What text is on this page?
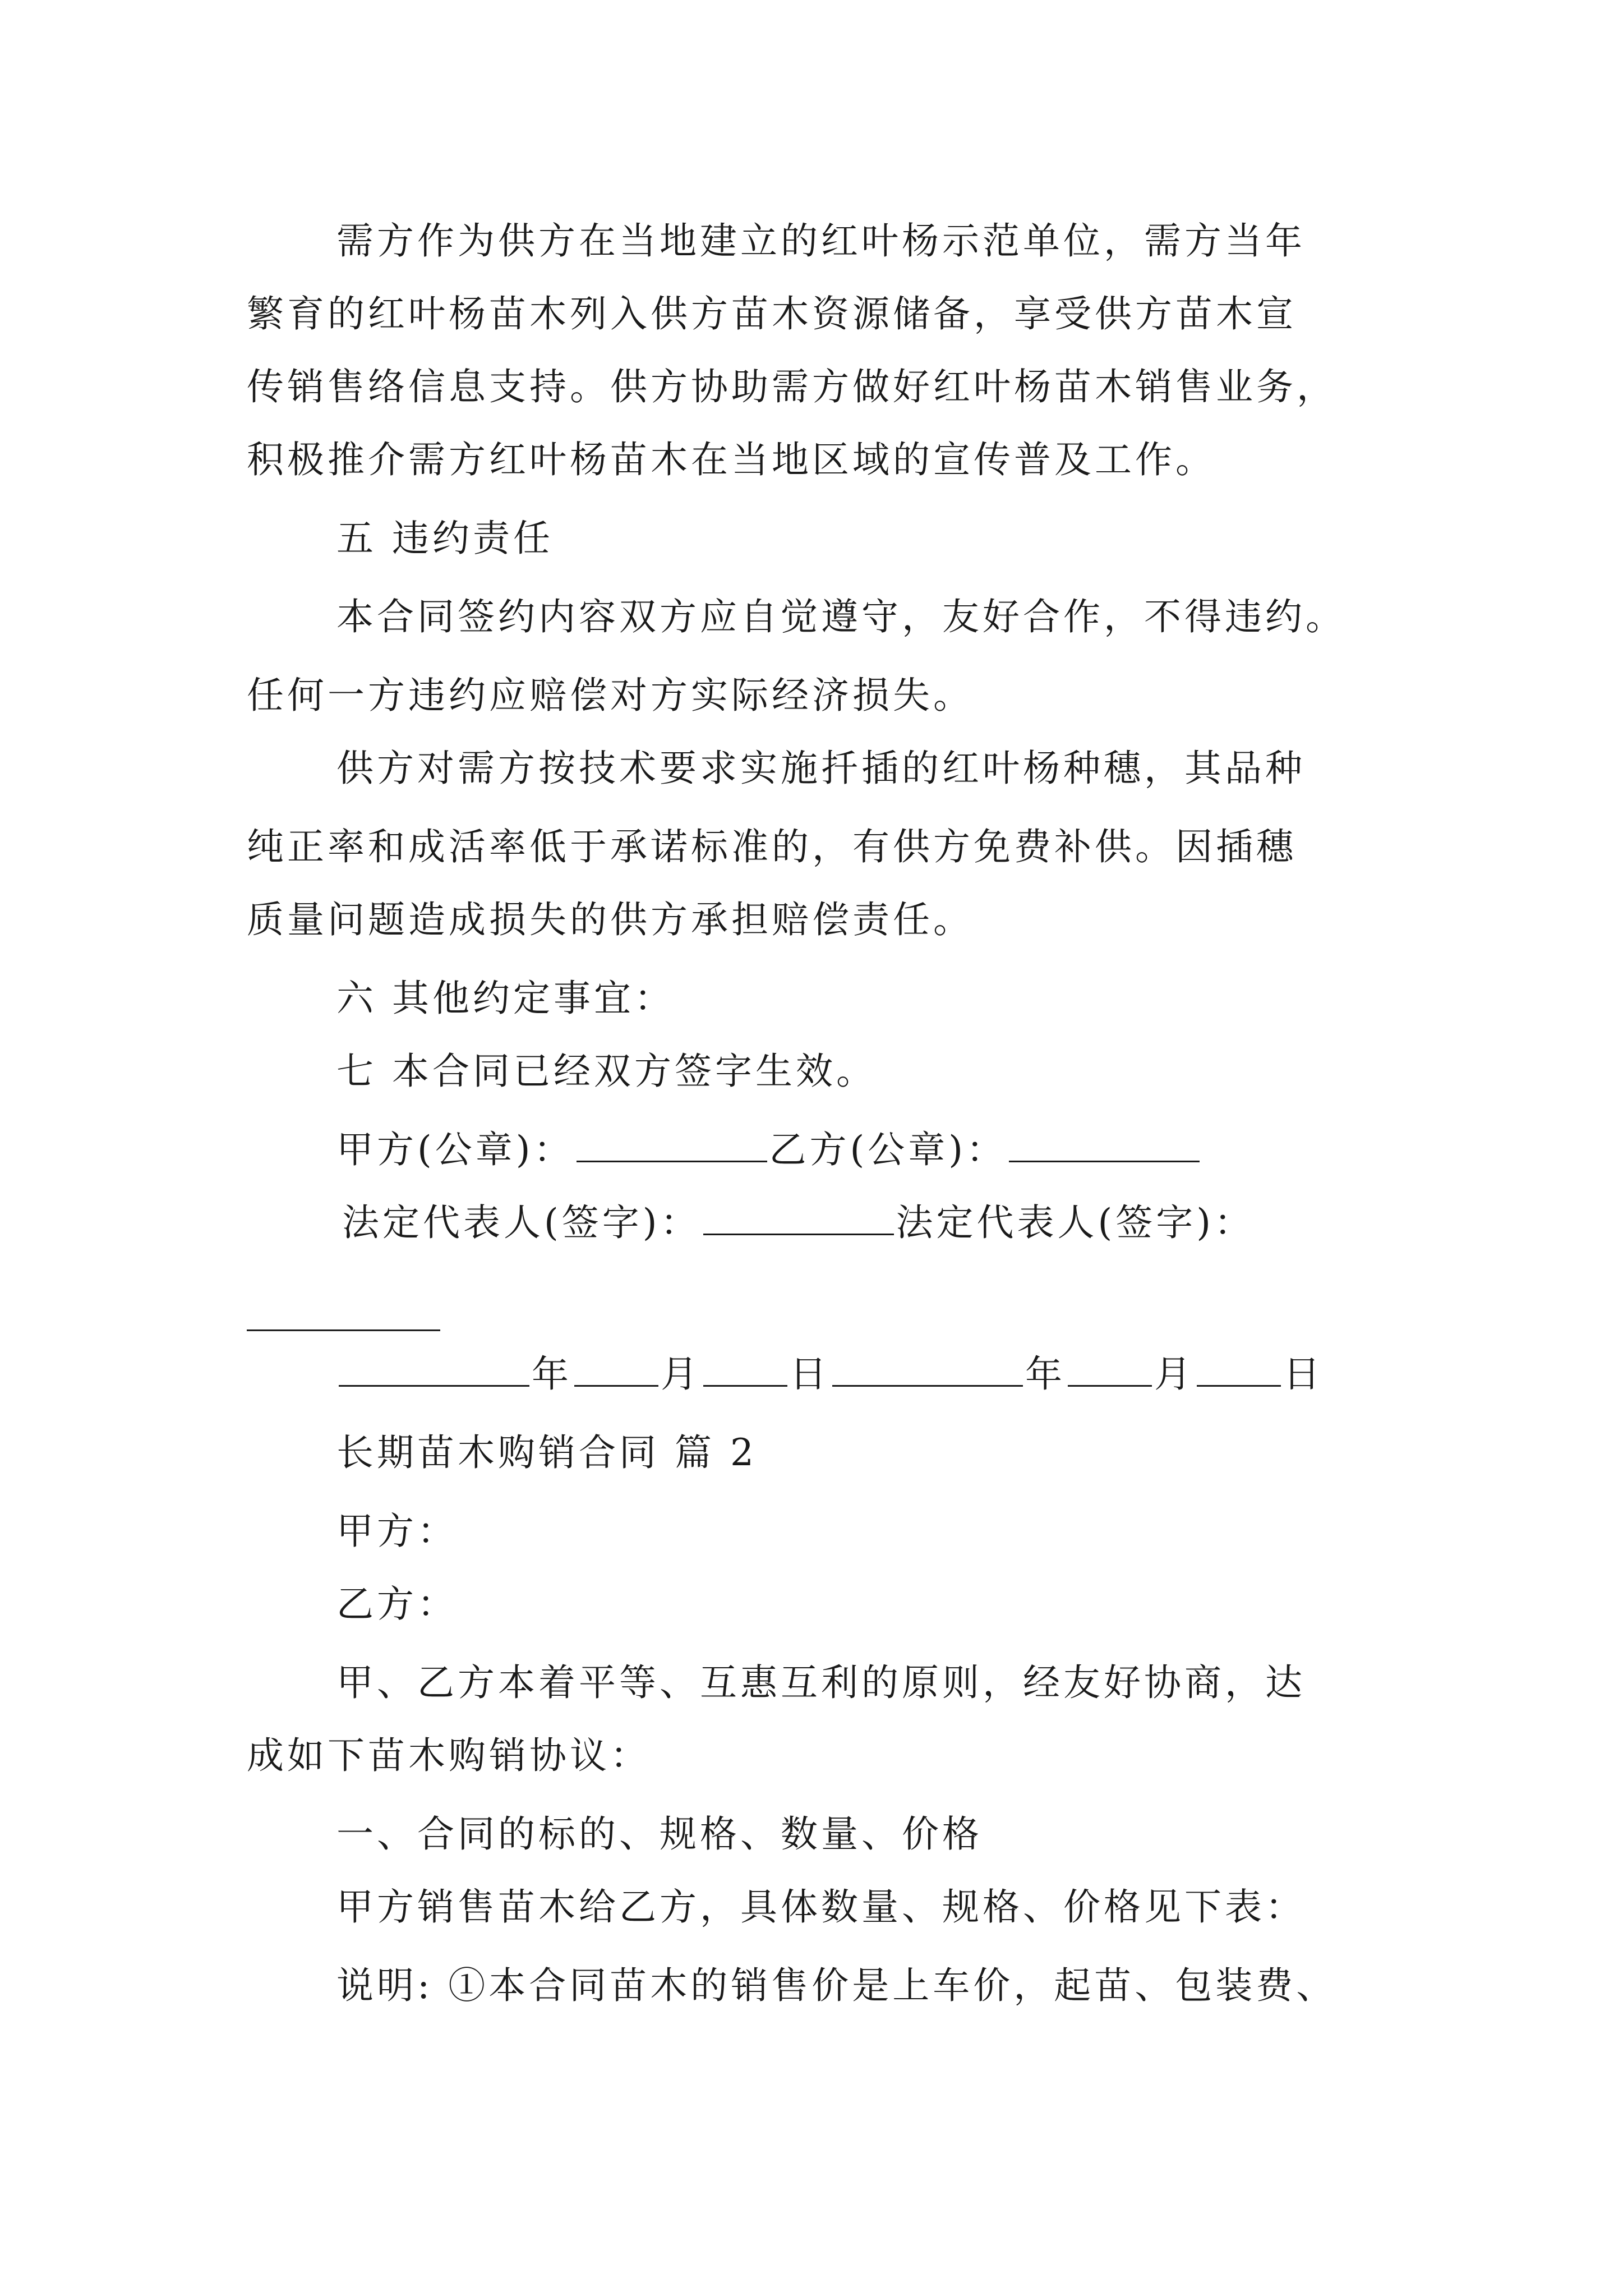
需方作为供方在当地建立的红叶杨示范单位，需方当年
繁育的红叶杨苗木列入供方苗木资源储备，享受供方苗木宣
传销售络信息支持。供方协助需方做好红叶杨苗木销售业务，
积极推介需方红叶杨苗木在当地区域的宣传普及工作。
五 违约责任
本合同签约内容双方应自觉遵守，友好合作，不得违约。
任何一方违约应赔偿对方实际经济损失。
供方对需方按技术要求实施扦插的红叶杨种穗，其品种
纯正率和成活率低于承诺标准的，有供方免费补供。因插穗
质量问题造成损失的供方承担赔偿责任。
六 其他约定事宜：
七 本合同已经双方签字生效。
甲方(公章)：	乙方(公章)：
法定代表人(签字)：	法定代表人(签字)：
年 月 日	年 月 日
长期苗木购销合同 篇 2
甲方：
乙方：
甲、乙方本着平等、互惠互利的原则，经友好协商，达
成如下苗木购销协议：
一、合同的标的、规格、数量、价格
甲方销售苗木给乙方，具体数量、规格、价格见下表：
说明: ①本合同苗木的销售价是上车价，起苗、包装费、
